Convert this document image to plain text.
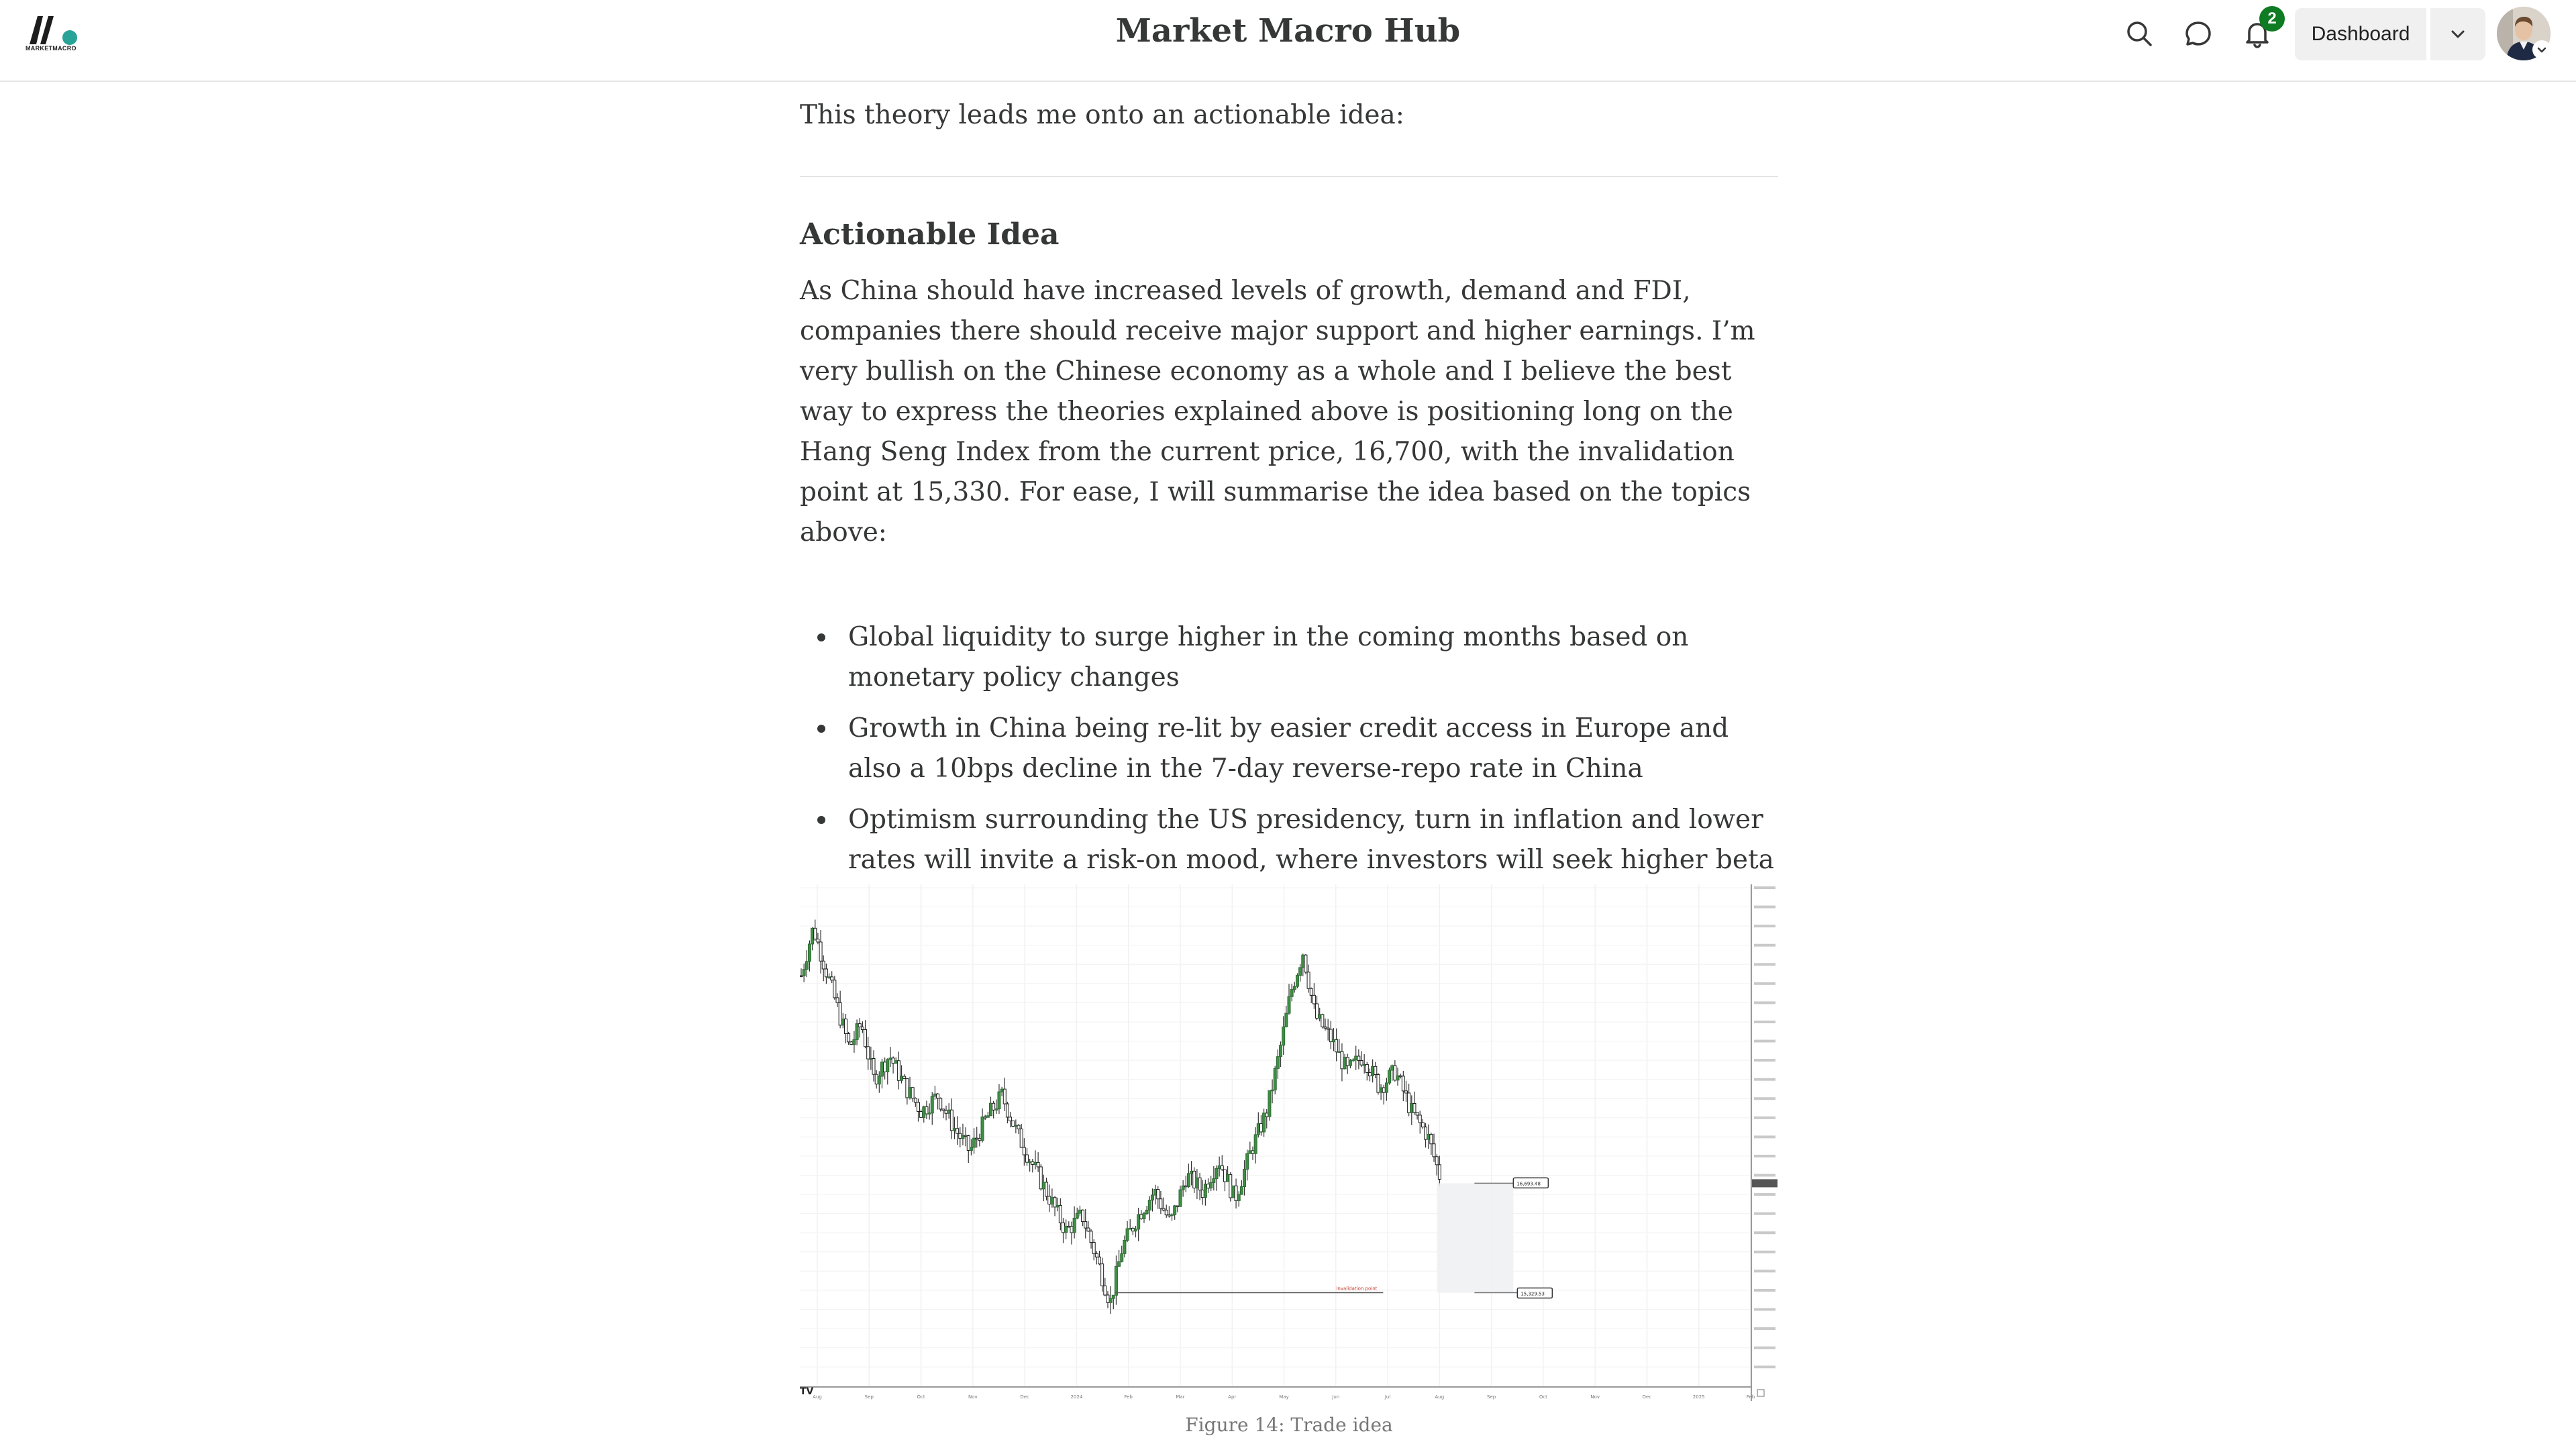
MARKETMACRO	Market Macro Hub	2
Dashboard

This theory leads me onto an actionable idea:

Actionable Idea

As China should have increased levels of growth, demand and FDI, companies there should receive major support and higher earnings. I’m very bullish on the Chinese economy as a whole and I believe the best way to express the theories explained above is positioning long on the Hang Seng Index from the current price, 16,700, with the invalidation point at 15,330. For ease, I will summarise the idea based on the topics above:

Global liquidity to surge higher in the coming months based on monetary policy changes
Growth in China being re-lit by easier credit access in Europe and also a 10bps decline in the 7-day reverse-repo rate in China
Optimism surrounding the US presidency, turn in inflation and lower rates will invite a risk-on mood, where investors will seek higher beta
Invalidation point
16,693.48
15,329.53
Aug	Sep	Oct	Nov	Dec	2024	Feb	Mar	Apr	May	Jun	Jul	Aug	Sep	Oct	Nov	Dec	2025	Feb
TV
Figure 14: Trade idea
